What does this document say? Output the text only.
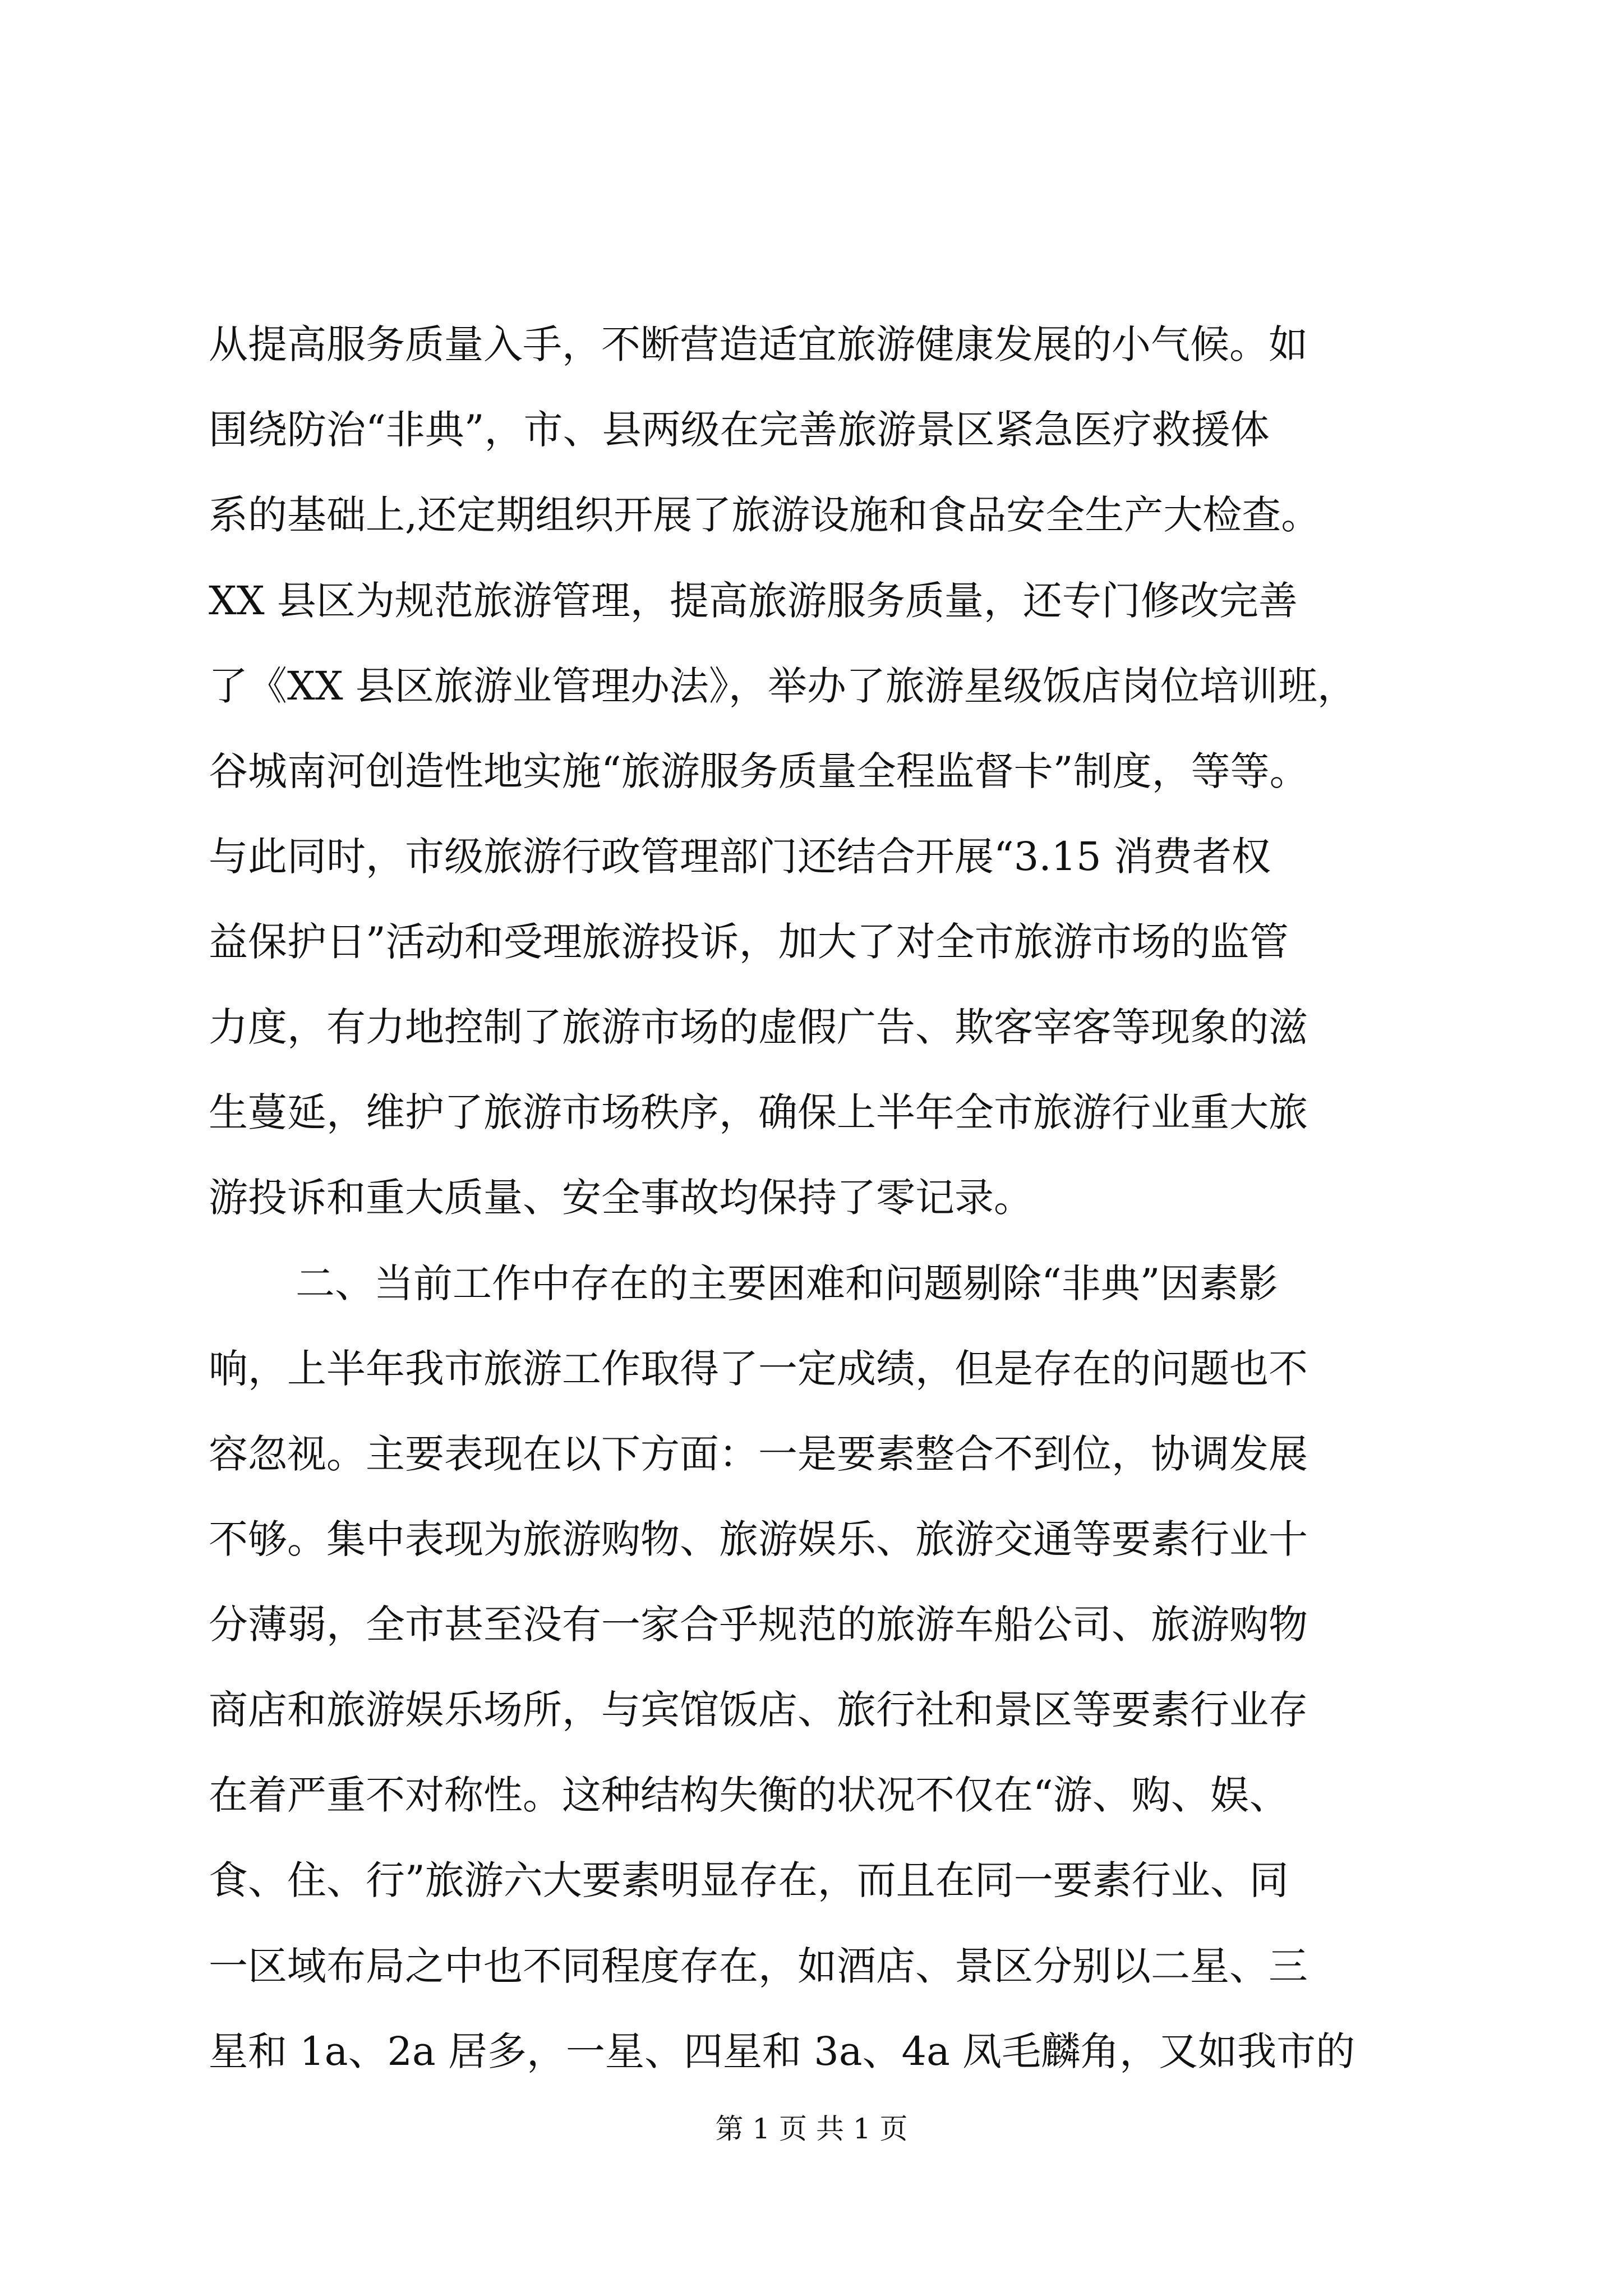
从提高服务质量入手，不断营造适宜旅游健康发展的小气候。如

围绕防治“非典”，市、县两级在完善旅游景区紧急医疗救援体

系的基础上,还定期组织开展了旅游设施和食品安全生产大检查。

XX 县区为规范旅游管理，提高旅游服务质量，还专门修改完善

了《XX 县区旅游业管理办法》，举办了旅游星级饭店岗位培训班，

谷城南河创造性地实施“旅游服务质量全程监督卡”制度，等等。

与此同时，市级旅游行政管理部门还结合开展“3.15 消费者权

益保护日”活动和受理旅游投诉，加大了对全市旅游市场的监管

力度，有力地控制了旅游市场的虚假广告、欺客宰客等现象的滋

生蔓延，维护了旅游市场秩序，确保上半年全市旅游行业重大旅

游投诉和重大质量、安全事故均保持了零记录。

二、当前工作中存在的主要困难和问题剔除“非典”因素影

响，上半年我市旅游工作取得了一定成绩，但是存在的问题也不

容忽视。主要表现在以下方面：一是要素整合不到位，协调发展

不够。集中表现为旅游购物、旅游娱乐、旅游交通等要素行业十

分薄弱，全市甚至没有一家合乎规范的旅游车船公司、旅游购物

商店和旅游娱乐场所，与宾馆饭店、旅行社和景区等要素行业存

在着严重不对称性。这种结构失衡的状况不仅在“游、购、娱、

食、住、行”旅游六大要素明显存在，而且在同一要素行业、同

一区域布局之中也不同程度存在，如酒店、景区分别以二星、三

星和 1a、2a 居多，一星、四星和 3a、4a 凤毛麟角，又如我市的

第 1 页 共 1 页
